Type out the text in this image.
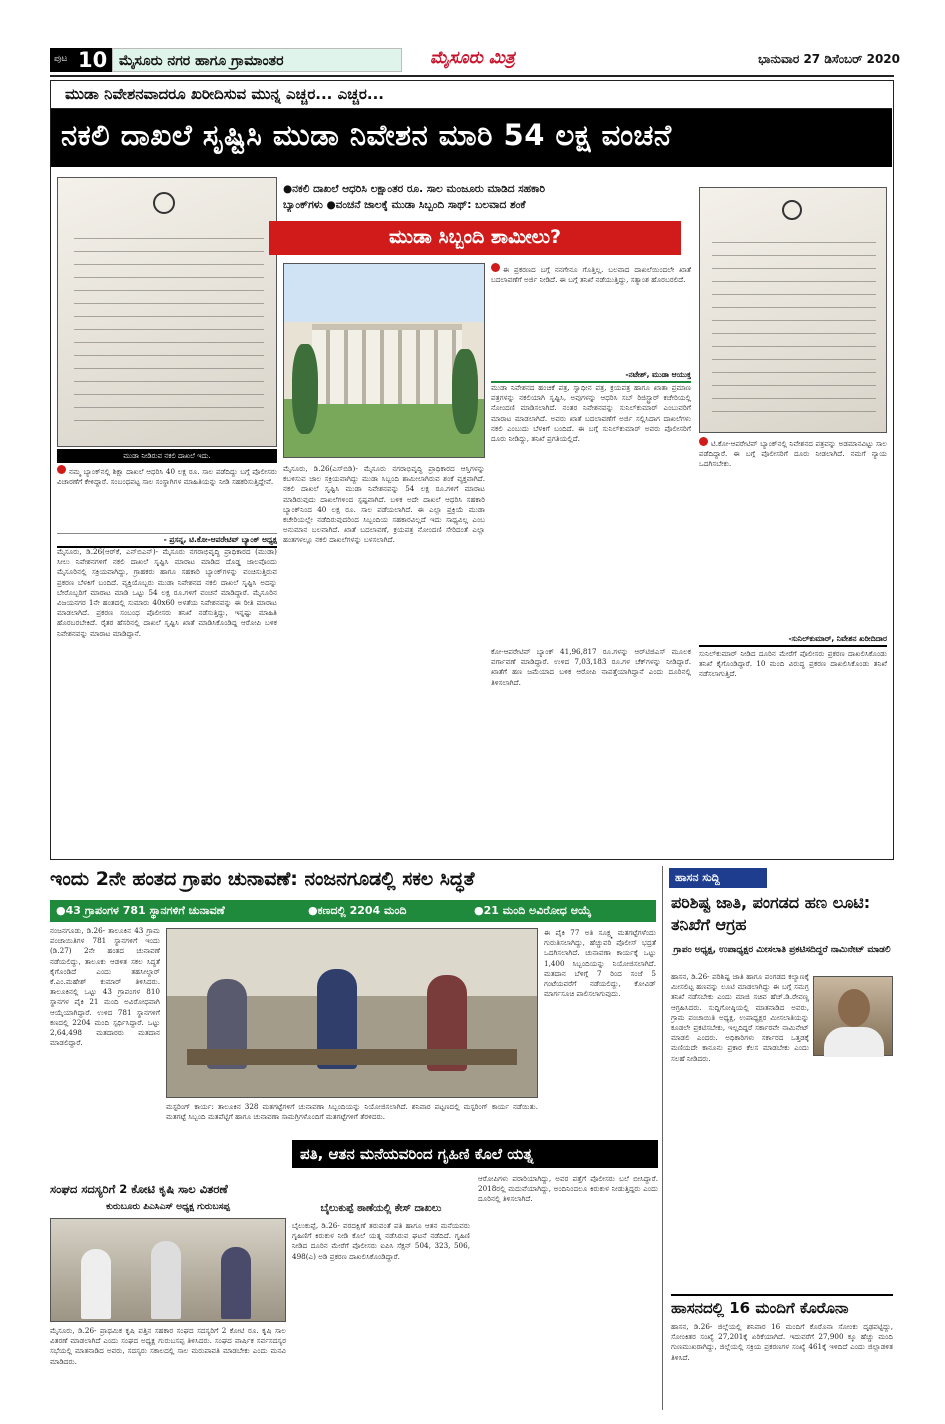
ಪುಟ 10 ಮೈಸೂರು ನಗರ ಹಾಗೂ ಗ್ರಾಮಾಂತರ	ಮೈಸೂರು ಮಿತ್ರ	ಭಾನುವಾರ 27 ಡಿಸೆಂಬರ್ 2020
ಮುಡಾ ನಿವೇಶನವಾದರೂ ಖರೀದಿಸುವ ಮುನ್ನ ಎಚ್ಚರ... ಎಚ್ಚರ...
ನಕಲಿ ದಾಖಲೆ ಸೃಷ್ಟಿಸಿ ಮುಡಾ ನಿವೇಶನ ಮಾರಿ 54 ಲಕ್ಷ ವಂಚನೆ
ಮುಡಾ ನೀಡಿರುವ ನಕಲಿ ದಾಖಲೆ ಇದು.
ನಮ್ಮ ಬ್ಯಾಂಕ್‌ನಲ್ಲಿ ಶಿಕ್ಷಾ ದಾಖಲೆ ಆಧರಿಸಿ 40 ಲಕ್ಷ ರೂ. ಸಾಲ ಪಡೆದಿದ್ದು ಬಗ್ಗೆ ಪೊಲೀಸರು ವಿಚಾರಣೆಗೆ ಕೇಳಿದ್ದಾರೆ. ಸಂಬಂಧಪಟ್ಟ ಸಾಲ ಸಂಸ್ಥಾಗಿಗಳ ಮಾಹಿತಿಯನ್ನು ನೀಡಿ ಸಹಕರಿಸುತ್ತಿದ್ದೇವೆ.
- ಪ್ರಸನ್ನ, ಟಿ.ಕೋ-ಆಪರೇಟಿವ್ ಬ್ಯಾಂಕ್ ಅಧ್ಯಕ್ಷ
ಮೈಸೂರು, ಡಿ.26(ಆರ್‌ಕೆ, ಎನ್‌ಬಿಎನ್)- ಮೈಸೂರು ನಗರಾಭಿವೃದ್ಧಿ ಪ್ರಾಧಿಕಾರದ (ಮುಡಾ) ಸೀಲು ನಿವೇಶನಗಳಿಗೆ ನಕಲಿ ದಾಖಲೆ ಸೃಷ್ಟಿಸಿ ಮಾರಾಟ ಮಾಡಿದ ದೊಡ್ಡ ಜಾಲವೊಂದು ಮೈಸೂರಿನಲ್ಲಿ ಸಕ್ರಿಯವಾಗಿದ್ದು, ಗ್ರಾಹಕರು ಹಾಗೂ ಸಹಕಾರಿ ಬ್ಯಾಂಕ್‌ಗಳನ್ನು ವಂಚಿಸುತ್ತಿರುವ ಪ್ರಕರಣ ಬೆಳಕಿಗೆ ಬಂದಿದೆ. ವ್ಯಕ್ತಿಯೊಬ್ಬರು ಮುಡಾ ನಿವೇಶನದ ನಕಲಿ ದಾಖಲೆ ಸೃಷ್ಟಿಸಿ ಅದನ್ನು ಬೇರೊಬ್ಬರಿಗೆ ಮಾರಾಟ ಮಾಡಿ ಒಟ್ಟು 54 ಲಕ್ಷ ರೂ.ಗಳಿಗೆ ವಂಚನೆ ಮಾಡಿದ್ದಾರೆ. ಮೈಸೂರಿನ ವಿಜಯನಗರ 1ನೇ ಹಂತದಲ್ಲಿ ಸುಮಾರು 40x60 ಅಳತೆಯ ನಿವೇಶನವನ್ನು ಈ ರೀತಿ ಮಾರಾಟ ಮಾಡಲಾಗಿದೆ. ಪ್ರಕರಣ ಸಂಬಂಧ ಪೊಲೀಸರು ತನಿಖೆ ನಡೆಸುತ್ತಿದ್ದು, ಇನ್ನಷ್ಟು ಮಾಹಿತಿ ಹೊರಬರಬೇಕಿದೆ. ರೈತರ ಹೆಸರಿನಲ್ಲಿ ದಾಖಲೆ ಸೃಷ್ಟಿಸಿ ಖಾತೆ ಮಾಡಿಸಿಕೊಂಡಿದ್ದ ಆರೋಪಿ ಬಳಿಕ ನಿವೇಶನವನ್ನು ಮಾರಾಟ ಮಾಡಿದ್ದಾನೆ.
●ನಕಲಿ ದಾಖಲೆ ಆಧರಿಸಿ ಲಕ್ಷಾಂತರ ರೂ. ಸಾಲ ಮಂಜೂರು ಮಾಡಿದ ಸಹಕಾರಿ
ಬ್ಯಾಂಕ್‌ಗಳು ●ವಂಚನೆ ಜಾಲಕ್ಕೆ ಮುಡಾ ಸಿಬ್ಬಂದಿ ಸಾಥ್: ಬಲವಾದ ಶಂಕೆ
ಮುಡಾ ಸಿಬ್ಬಂದಿ ಶಾಮೀಲು?
ಈ ಪ್ರಕರಣದ ಬಗ್ಗೆ ನನಗೇನೂ ಗೊತ್ತಿಲ್ಲ. ಬಲವಾದ ದಾಖಲೆಯಿಂದಲೇ ಖಾತೆ ಬದಲಾವಣೆಗೆ ಅರ್ಜಿ ನೀಡಿದೆ. ಈ ಬಗ್ಗೆ ತನಿಖೆ ನಡೆಯುತ್ತಿದ್ದು, ಸತ್ಯಾಂಶ ಹೊರಬರಲಿದೆ.
-ನಟೇಶ್, ಮುಡಾ ಆಯುಕ್ತ
ಮೈಸೂರು, ಡಿ.26(ಎಸ್‌ಬಿಡಿ)- ಮೈಸೂರು ನಗರಾಭಿವೃದ್ಧಿ ಪ್ರಾಧಿಕಾರದ ಆಸ್ತಿಗಳನ್ನು ಕಬಳಿಸುವ ಜಾಲ ಸಕ್ರಿಯವಾಗಿದ್ದು ಮುಡಾ ಸಿಬ್ಬಂದಿ ಶಾಮೀಲಾಗಿರುವ ಶಂಕೆ ವ್ಯಕ್ತವಾಗಿದೆ. ನಕಲಿ ದಾಖಲೆ ಸೃಷ್ಟಿಸಿ ಮುಡಾ ನಿವೇಶನವನ್ನು 54 ಲಕ್ಷ ರೂ.ಗಳಿಗೆ ಮಾರಾಟ ಮಾಡಿರುವುದು ದಾಖಲೆಗಳಿಂದ ಸ್ಪಷ್ಟವಾಗಿದೆ. ಬಳಿಕ ಅದೇ ದಾಖಲೆ ಆಧರಿಸಿ ಸಹಕಾರಿ ಬ್ಯಾಂಕ್‌ನಿಂದ 40 ಲಕ್ಷ ರೂ. ಸಾಲ ಪಡೆಯಲಾಗಿದೆ. ಈ ಎಲ್ಲಾ ಪ್ರಕ್ರಿಯೆ ಮುಡಾ ಕಚೇರಿಯಲ್ಲೇ ನಡೆದಿರುವುದರಿಂದ ಸಿಬ್ಬಂದಿಯ ಸಹಕಾರವಿಲ್ಲದೆ ಇದು ಸಾಧ್ಯವಿಲ್ಲ ಎಂಬ ಅನುಮಾನ ಬಲವಾಗಿದೆ. ಖಾತೆ ಬದಲಾವಣೆ, ಕ್ರಯಪತ್ರ ನೋಂದಣಿ ಸೇರಿದಂತೆ ಎಲ್ಲಾ ಹಂತಗಳಲ್ಲೂ ನಕಲಿ ದಾಖಲೆಗಳನ್ನು ಬಳಸಲಾಗಿದೆ.
ಮುಡಾ ನಿವೇಶನದ ಹಂಚಿಕೆ ಪತ್ರ, ಸ್ವಾಧೀನ ಪತ್ರ, ಕ್ರಯಪತ್ರ ಹಾಗೂ ಖಾತಾ ಪ್ರಮಾಣ ಪತ್ರಗಳನ್ನು ನಕಲಿಯಾಗಿ ಸೃಷ್ಟಿಸಿ, ಅವುಗಳನ್ನು ಆಧರಿಸಿ ಸಬ್ ರಿಜಿಸ್ಟ್ರಾರ್ ಕಚೇರಿಯಲ್ಲಿ ನೋಂದಣಿ ಮಾಡಿಸಲಾಗಿದೆ. ನಂತರ ನಿವೇಶನವನ್ನು ಸುನಿಲ್‌ಕುಮಾರ್ ಎಂಬುವರಿಗೆ ಮಾರಾಟ ಮಾಡಲಾಗಿದೆ. ಅವರು ಖಾತೆ ಬದಲಾವಣೆಗೆ ಅರ್ಜಿ ಸಲ್ಲಿಸಿದಾಗ ದಾಖಲೆಗಳು ನಕಲಿ ಎಂಬುದು ಬೆಳಕಿಗೆ ಬಂದಿದೆ. ಈ ಬಗ್ಗೆ ಸುನಿಲ್‌ಕುಮಾರ್ ಅವರು ಪೊಲೀಸರಿಗೆ ದೂರು ನೀಡಿದ್ದು, ತನಿಖೆ ಪ್ರಗತಿಯಲ್ಲಿದೆ.
ಟಿ.ಕೋ-ಆಪರೇಟಿವ್ ಬ್ಯಾಂಕ್‌ನಲ್ಲಿ ನಿವೇಶನದ ಪತ್ರವನ್ನು ಅಡಮಾನವಿಟ್ಟು ಸಾಲ ಪಡೆದಿದ್ದಾರೆ. ಈ ಬಗ್ಗೆ ಪೊಲೀಸರಿಗೆ ದೂರು ನೀಡಲಾಗಿದೆ. ನಮಗೆ ನ್ಯಾಯ ಒದಗಿಸಬೇಕು.
-ಸುನಿಲ್‌ಕುಮಾರ್, ನಿವೇಶನ ಖರೀದಿದಾರ
ಕೋ-ಆಪರೇಟಿವ್ ಬ್ಯಾಂಕ್ 41,96,817 ರೂ.ಗಳನ್ನು ಆರ್‌ಟಿಜಿಎಸ್ ಮೂಲಕ ವರ್ಗಾವಣೆ ಮಾಡಿದ್ದಾರೆ. ಉಳಿದ 7,03,183 ರೂ.ಗಳ ಚೆಕ್‌ಗಳನ್ನು ನೀಡಿದ್ದಾರೆ. ಖಾತೆಗೆ ಹಣ ಜಮೆಯಾದ ಬಳಿಕ ಆರೋಪಿ ನಾಪತ್ತೆಯಾಗಿದ್ದಾನೆ ಎಂದು ದೂರಿನಲ್ಲಿ ತಿಳಿಸಲಾಗಿದೆ.
ಸುನಿಲ್‌ಕುಮಾರ್ ನೀಡಿದ ದೂರಿನ ಮೇರೆಗೆ ಪೊಲೀಸರು ಪ್ರಕರಣ ದಾಖಲಿಸಿಕೊಂಡು ತನಿಖೆ ಕೈಗೊಂಡಿದ್ದಾರೆ. 10 ಮಂದಿ ವಿರುದ್ಧ ಪ್ರಕರಣ ದಾಖಲಿಸಿಕೊಂಡು ತನಿಖೆ ನಡೆಸಲಾಗುತ್ತಿದೆ.
ಇಂದು 2ನೇ ಹಂತದ ಗ್ರಾಪಂ ಚುನಾವಣೆ: ನಂಜನಗೂಡಲ್ಲಿ ಸಕಲ ಸಿದ್ಧತೆ
●43 ಗ್ರಾಪಂಗಳ 781 ಸ್ಥಾನಗಳಿಗೆ ಚುನಾವಣೆ	●ಕಣದಲ್ಲಿ 2204 ಮಂದಿ	●21 ಮಂದಿ ಅವಿರೋಧ ಆಯ್ಕೆ
ನಂಜನಗೂಡು, ಡಿ.26- ತಾಲೂಕಿನ 43 ಗ್ರಾಮ ಪಂಚಾಯಿತಿಗಳ 781 ಸ್ಥಾನಗಳಿಗೆ ಇಂದು (ಡಿ.27) 2ನೇ ಹಂತದ ಚುನಾವಣೆ ನಡೆಯಲಿದ್ದು, ತಾಲೂಕು ಆಡಳಿತ ಸಕಲ ಸಿದ್ಧತೆ ಕೈಗೊಂಡಿದೆ ಎಂದು ತಹಸೀಲ್ದಾರ್ ಕೆ.ಎಂ.ಮಹೇಶ್ ಕುಮಾರ್ ತಿಳಿಸಿದರು. ತಾಲೂಕಿನಲ್ಲಿ ಒಟ್ಟು 43 ಗ್ರಾಪಂಗಳ 810 ಸ್ಥಾನಗಳ ಪೈಕಿ 21 ಮಂದಿ ಅವಿರೋಧವಾಗಿ ಆಯ್ಕೆಯಾಗಿದ್ದಾರೆ. ಉಳಿದ 781 ಸ್ಥಾನಗಳಿಗೆ ಕಣದಲ್ಲಿ 2204 ಮಂದಿ ಸ್ಪರ್ಧಿಸಿದ್ದಾರೆ. ಒಟ್ಟು 2,64,498 ಮತದಾರರು ಮತದಾನ ಮಾಡಲಿದ್ದಾರೆ.
ಮಸ್ಟರಿಂಗ್ ಕಾರ್ಯ: ತಾಲೂಕಿನ 328 ಮತಗಟ್ಟೆಗಳಿಗೆ ಚುನಾವಣಾ ಸಿಬ್ಬಂದಿಯನ್ನು ನಿಯೋಜಿಸಲಾಗಿದೆ. ಶನಿವಾರ ಪಟ್ಟಣದಲ್ಲಿ ಮಸ್ಟರಿಂಗ್ ಕಾರ್ಯ ನಡೆಯಿತು. ಮತಗಟ್ಟೆ ಸಿಬ್ಬಂದಿ ಮತಪೆಟ್ಟಿಗೆ ಹಾಗೂ ಚುನಾವಣಾ ಸಾಮಗ್ರಿಗಳೊಂದಿಗೆ ಮತಗಟ್ಟೆಗಳಿಗೆ ತೆರಳಿದರು.
ಈ ಪೈಕಿ 77 ಅತಿ ಸೂಕ್ಷ್ಮ ಮತಗಟ್ಟೆಗಳೆಂದು ಗುರುತಿಸಲಾಗಿದ್ದು, ಹೆಚ್ಚುವರಿ ಪೊಲೀಸ್ ಭದ್ರತೆ ಒದಗಿಸಲಾಗಿದೆ. ಚುನಾವಣಾ ಕಾರ್ಯಕ್ಕೆ ಒಟ್ಟು 1,400 ಸಿಬ್ಬಂದಿಯನ್ನು ನಿಯೋಜಿಸಲಾಗಿದೆ. ಮತದಾನ ಬೆಳಿಗ್ಗೆ 7 ರಿಂದ ಸಂಜೆ 5 ಗಂಟೆಯವರೆಗೆ ನಡೆಯಲಿದ್ದು, ಕೋವಿಡ್ ಮಾರ್ಗಸೂಚಿ ಪಾಲಿಸಲಾಗುವುದು.
ಹಾಸನ ಸುದ್ದಿ
ಪರಿಶಿಷ್ಟ ಜಾತಿ, ಪಂಗಡದ ಹಣ ಲೂಟಿ: ತನಿಖೆಗೆ ಆಗ್ರಹ
ಗ್ರಾಪಂ ಅಧ್ಯಕ್ಷ, ಉಪಾಧ್ಯಕ್ಷರ ಮೀಸಲಾತಿ ಪ್ರಕಟಿಸದಿದ್ದರೆ ನಾಮಿನೇಟ್ ಮಾಡಲಿ
ಹಾಸನ, ಡಿ.26- ಪರಿಶಿಷ್ಟ ಜಾತಿ ಹಾಗೂ ಪಂಗಡದ ಕಲ್ಯಾಣಕ್ಕೆ ಮೀಸಲಿಟ್ಟ ಹಣವನ್ನು ಲೂಟಿ ಮಾಡಲಾಗಿದ್ದು ಈ ಬಗ್ಗೆ ಸಮಗ್ರ ತನಿಖೆ ನಡೆಸಬೇಕು ಎಂದು ಮಾಜಿ ಸಚಿವ ಹೆಚ್.ಡಿ.ರೇವಣ್ಣ ಆಗ್ರಹಿಸಿದರು. ಸುದ್ದಿಗೋಷ್ಠಿಯಲ್ಲಿ ಮಾತನಾಡಿದ ಅವರು, ಗ್ರಾಮ ಪಂಚಾಯಿತಿ ಅಧ್ಯಕ್ಷ, ಉಪಾಧ್ಯಕ್ಷರ ಮೀಸಲಾತಿಯನ್ನು ಕೂಡಲೇ ಪ್ರಕಟಿಸಬೇಕು, ಇಲ್ಲದಿದ್ದರೆ ಸರ್ಕಾರವೇ ನಾಮಿನೇಟ್ ಮಾಡಲಿ ಎಂದರು. ಅಧಿಕಾರಿಗಳು ಸರ್ಕಾರದ ಒತ್ತಡಕ್ಕೆ ಮಣಿಯದೇ ಕಾನೂನು ಪ್ರಕಾರ ಕೆಲಸ ಮಾಡಬೇಕು ಎಂದು ಸಲಹೆ ನೀಡಿದರು.
ಹಾಸನದಲ್ಲಿ 16 ಮಂದಿಗೆ ಕೊರೊನಾ
ಹಾಸನ, ಡಿ.26- ಜಿಲ್ಲೆಯಲ್ಲಿ ಶನಿವಾರ 16 ಮಂದಿಗೆ ಕೊರೊನಾ ಸೋಂಕು ದೃಢಪಟ್ಟಿದ್ದು, ಸೋಂಕಿತರ ಸಂಖ್ಯೆ 27,201ಕ್ಕೆ ಏರಿಕೆಯಾಗಿದೆ. ಇದುವರೆಗೆ 27,900 ಕ್ಕೂ ಹೆಚ್ಚು ಮಂದಿ ಗುಣಮುಖರಾಗಿದ್ದು, ಜಿಲ್ಲೆಯಲ್ಲಿ ಸಕ್ರಿಯ ಪ್ರಕರಣಗಳ ಸಂಖ್ಯೆ 461ಕ್ಕೆ ಇಳಿದಿದೆ ಎಂದು ಜಿಲ್ಲಾಡಳಿತ ತಿಳಿಸಿದೆ.
ಸಂಘದ ಸದಸ್ಯರಿಗೆ 2 ಕೋಟಿ ಕೃಷಿ ಸಾಲ ವಿತರಣೆ
ಕುರುಬೂರು ಪಿಎಸಿಎಸ್ ಅಧ್ಯಕ್ಷ ಗುರುಬಸಪ್ಪ
ಮೈಸೂರು, ಡಿ.26- ಪ್ರಾಥಮಿಕ ಕೃಷಿ ಪತ್ತಿನ ಸಹಕಾರ ಸಂಘದ ಸದಸ್ಯರಿಗೆ 2 ಕೋಟಿ ರೂ. ಕೃಷಿ ಸಾಲ ವಿತರಣೆ ಮಾಡಲಾಗಿದೆ ಎಂದು ಸಂಘದ ಅಧ್ಯಕ್ಷ ಗುರುಬಸಪ್ಪ ತಿಳಿಸಿದರು. ಸಂಘದ ವಾರ್ಷಿಕ ಸರ್ವಸದಸ್ಯರ ಸಭೆಯಲ್ಲಿ ಮಾತನಾಡಿದ ಅವರು, ಸದಸ್ಯರು ಸಕಾಲದಲ್ಲಿ ಸಾಲ ಮರುಪಾವತಿ ಮಾಡಬೇಕು ಎಂದು ಮನವಿ ಮಾಡಿದರು.
ಪತಿ, ಆತನ ಮನೆಯವರಿಂದ ಗೃಹಿಣಿ ಕೊಲೆ ಯತ್ನ
ಬೈಲುಕುಪ್ಪೆ ಠಾಣೆಯಲ್ಲಿ ಕೇಸ್ ದಾಖಲು
ಬೈಲುಕುಪ್ಪೆ, ಡಿ.26- ವರದಕ್ಷಿಣೆ ತರುವಂತೆ ಪತಿ ಹಾಗೂ ಆತನ ಮನೆಯವರು ಗೃಹಿಣಿಗೆ ಕಿರುಕುಳ ನೀಡಿ ಕೊಲೆ ಯತ್ನ ನಡೆಸಿರುವ ಘಟನೆ ನಡೆದಿದೆ. ಗೃಹಿಣಿ ನೀಡಿದ ದೂರಿನ ಮೇರೆಗೆ ಪೊಲೀಸರು ಐಪಿಸಿ ಸೆಕ್ಷನ್ 504, 323, 506, 498(ಎ) ಅಡಿ ಪ್ರಕರಣ ದಾಖಲಿಸಿಕೊಂಡಿದ್ದಾರೆ.
ಆರೋಪಿಗಳು ಪರಾರಿಯಾಗಿದ್ದು, ಅವರ ಪತ್ತೆಗೆ ಪೊಲೀಸರು ಬಲೆ ಬೀಸಿದ್ದಾರೆ. 2018ರಲ್ಲಿ ಮದುವೆಯಾಗಿದ್ದು, ಅಂದಿನಿಂದಲೂ ಕಿರುಕುಳ ನೀಡುತ್ತಿದ್ದರು ಎಂದು ದೂರಿನಲ್ಲಿ ತಿಳಿಸಲಾಗಿದೆ.
